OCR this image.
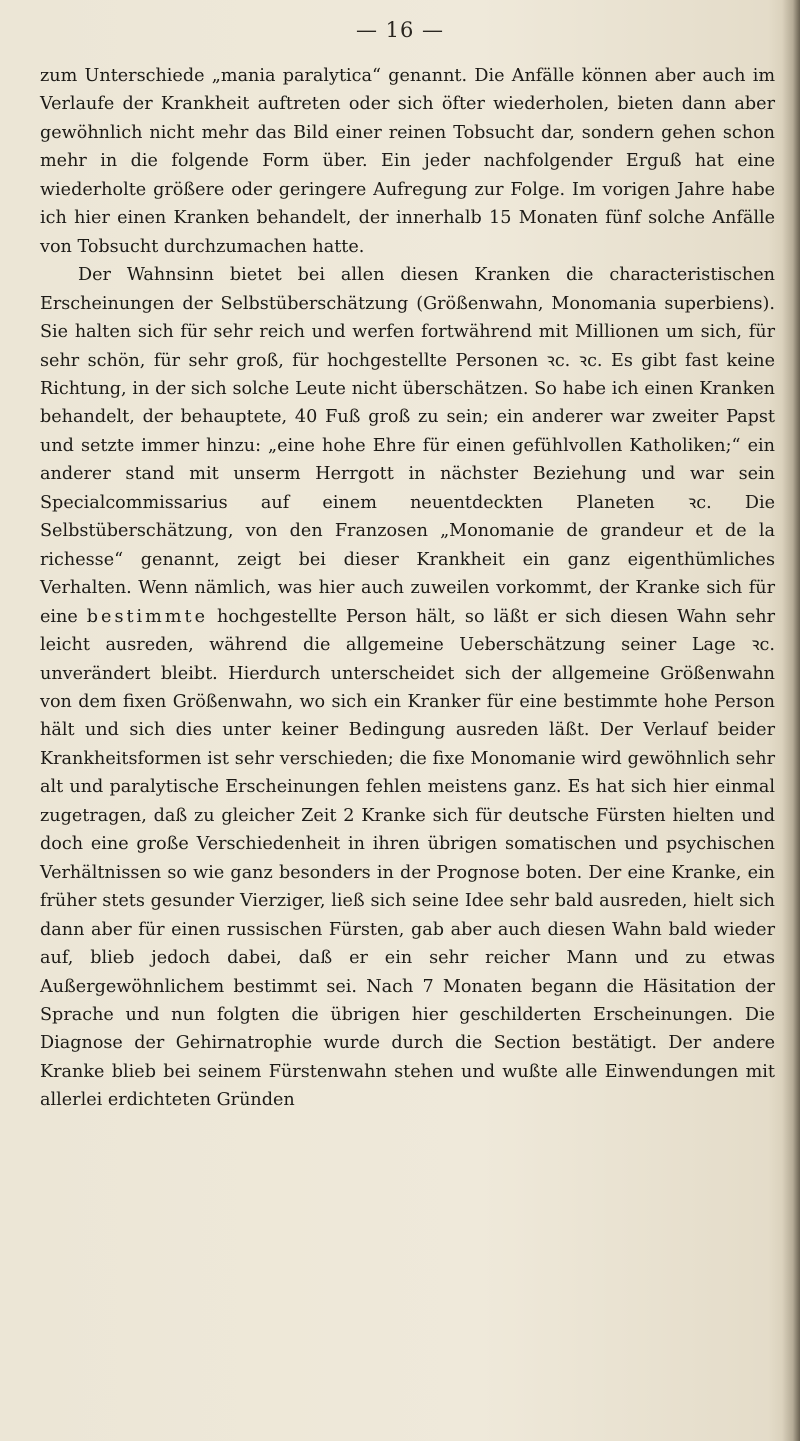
— 16 —

zum Unterschiede „mania paralytica“ genannt. Die Anfälle können aber auch im Verlaufe der Krankheit auftreten oder sich öfter wiederholen, bieten dann aber gewöhnlich nicht mehr das Bild einer reinen Tobsucht dar, sondern gehen schon mehr in die folgende Form über. Ein jeder nachfolgender Erguß hat eine wiederholte größere oder geringere Aufregung zur Folge. Im vorigen Jahre habe ich hier einen Kranken behandelt, der innerhalb 15 Monaten fünf solche Anfälle von Tobsucht durchzumachen hatte.

Der Wahnsinn bietet bei allen diesen Kranken die characteristischen Erscheinungen der Selbstüberschätzung (Größenwahn, Monomania superbiens). Sie halten sich für sehr reich und werfen fortwährend mit Millionen um sich, für sehr schön, für sehr groß, für hochgestellte Personen ꝛc. ꝛc. Es gibt fast keine Richtung, in der sich solche Leute nicht überschätzen. So habe ich einen Kranken behandelt, der behauptete, 40 Fuß groß zu sein; ein anderer war zweiter Papst und setzte immer hinzu: „eine hohe Ehre für einen gefühlvollen Katholiken;“ ein anderer stand mit unserm Herrgott in nächster Beziehung und war sein Specialcommissarius auf einem neuentdeckten Planeten ꝛc. Die Selbstüberschätzung, von den Franzosen „Monomanie de grandeur et de la richesse“ genannt, zeigt bei dieser Krankheit ein ganz eigenthümliches Verhalten. Wenn nämlich, was hier auch zuweilen vorkommt, der Kranke sich für eine bestimmte hochgestellte Person hält, so läßt er sich diesen Wahn sehr leicht ausreden, während die allgemeine Ueberschätzung seiner Lage ꝛc. unverändert bleibt. Hierdurch unterscheidet sich der allgemeine Größenwahn von dem fixen Größenwahn, wo sich ein Kranker für eine bestimmte hohe Person hält und sich dies unter keiner Bedingung ausreden läßt. Der Verlauf beider Krankheitsformen ist sehr verschieden; die fixe Monomanie wird gewöhnlich sehr alt und paralytische Erscheinungen fehlen meistens ganz. Es hat sich hier einmal zugetragen, daß zu gleicher Zeit 2 Kranke sich für deutsche Fürsten hielten und doch eine große Verschiedenheit in ihren übrigen somatischen und psychischen Verhältnissen so wie ganz besonders in der Prognose boten. Der eine Kranke, ein früher stets gesunder Vierziger, ließ sich seine Idee sehr bald ausreden, hielt sich dann aber für einen russischen Fürsten, gab aber auch diesen Wahn bald wieder auf, blieb jedoch dabei, daß er ein sehr reicher Mann und zu etwas Außergewöhnlichem bestimmt sei. Nach 7 Monaten begann die Häsitation der Sprache und nun folgten die übrigen hier geschilderten Erscheinungen. Die Diagnose der Gehirnatrophie wurde durch die Section bestätigt. Der andere Kranke blieb bei seinem Fürstenwahn stehen und wußte alle Einwendungen mit allerlei erdichteten Gründen
